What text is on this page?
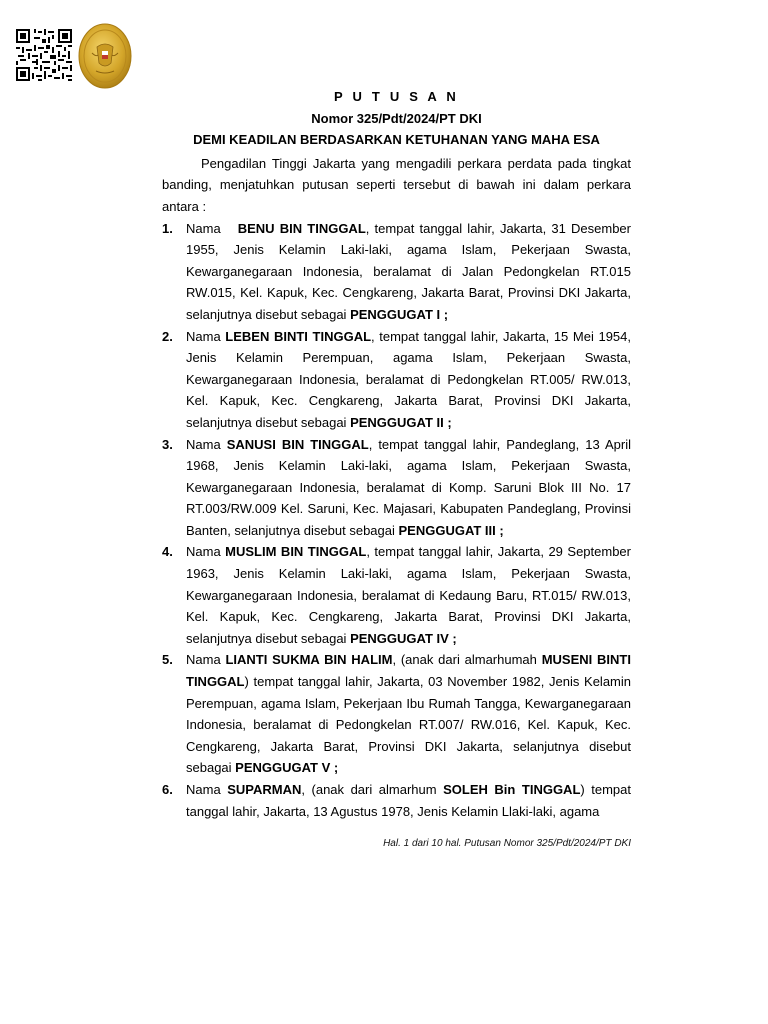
P U T U S A N

Nomor 325/Pdt/2024/PT DKI

DEMI KEADILAN BERDASARKAN KETUHANAN YANG MAHA ESA

Pengadilan Tinggi Jakarta yang mengadili perkara perdata pada tingkat banding, menjatuhkan putusan seperti tersebut di bawah ini dalam perkara antara :

1. Nama BENU BIN TINGGAL, tempat tanggal lahir, Jakarta, 31 Desember 1955, Jenis Kelamin Laki-laki, agama Islam, Pekerjaan Swasta, Kewarganegaraan Indonesia, beralamat di Jalan Pedongkelan RT.015 RW.015, Kel. Kapuk, Kec. Cengkareng, Jakarta Barat, Provinsi DKI Jakarta, selanjutnya disebut sebagai PENGGUGAT I ;
2. Nama LEBEN BINTI TINGGAL, tempat tanggal lahir, Jakarta, 15 Mei 1954, Jenis Kelamin Perempuan, agama Islam, Pekerjaan Swasta, Kewarganegaraan Indonesia, beralamat di Pedongkelan RT.005/ RW.013, Kel. Kapuk, Kec. Cengkareng, Jakarta Barat, Provinsi DKI Jakarta, selanjutnya disebut sebagai PENGGUGAT II ;
3. Nama SANUSI BIN TINGGAL, tempat tanggal lahir, Pandeglang, 13 April 1968, Jenis Kelamin Laki-laki, agama Islam, Pekerjaan Swasta, Kewarganegaraan Indonesia, beralamat di Komp. Saruni Blok III No. 17 RT.003/RW.009 Kel. Saruni, Kec. Majasari, Kabupaten Pandeglang, Provinsi Banten, selanjutnya disebut sebagai PENGGUGAT III ;
4. Nama MUSLIM BIN TINGGAL, tempat tanggal lahir, Jakarta, 29 September 1963, Jenis Kelamin Laki-laki, agama Islam, Pekerjaan Swasta, Kewarganegaraan Indonesia, beralamat di Kedaung Baru, RT.015/ RW.013, Kel. Kapuk, Kec. Cengkareng, Jakarta Barat, Provinsi DKI Jakarta, selanjutnya disebut sebagai PENGGUGAT IV ;
5. Nama LIANTI SUKMA BIN HALIM, (anak dari almarhumah MUSENI BINTI TINGGAL) tempat tanggal lahir, Jakarta, 03 November 1982, Jenis Kelamin Perempuan, agama Islam, Pekerjaan Ibu Rumah Tangga, Kewarganegaraan Indonesia, beralamat di Pedongkelan RT.007/ RW.016, Kel. Kapuk, Kec. Cengkareng, Jakarta Barat, Provinsi DKI Jakarta, selanjutnya disebut sebagai PENGGUGAT V ;
6. Nama SUPARMAN, (anak dari almarhum SOLEH Bin TINGGAL) tempat tanggal lahir, Jakarta, 13 Agustus 1978, Jenis Kelamin Llaki-laki, agama
Hal. 1 dari 10 hal. Putusan Nomor 325/Pdt/2024/PT DKI
